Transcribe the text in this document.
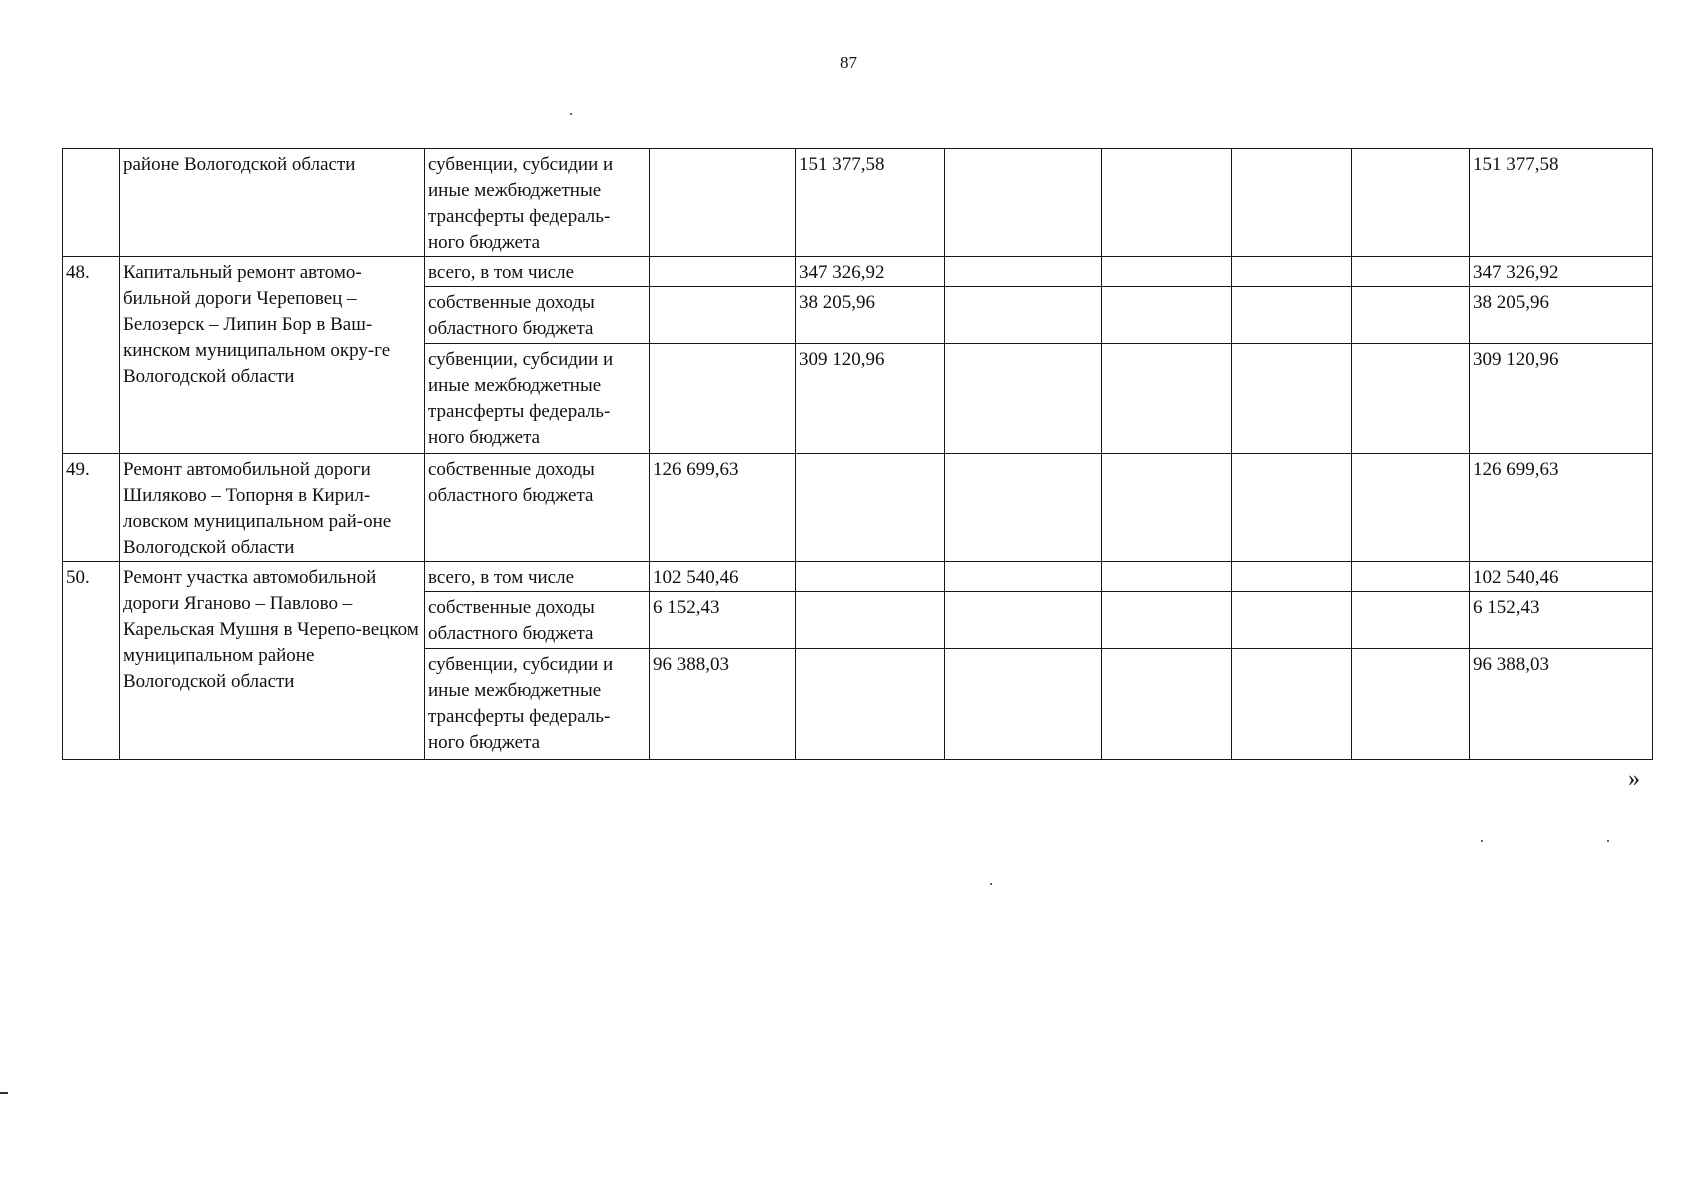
87
	районе Вологодской области	субвенции, субсидии и иные межбюджетные трансферты федераль-ного бюджета		151 377,58					151 377,58
48.	Капитальный ремонт автомо-бильной дороги Череповец – Белозерск – Липин Бор в Ваш-кинском муниципальном окру-ге Вологодской области	всего, в том числе		347 326,92					347 326,92
		собственные доходы областного бюджета		38 205,96					38 205,96
		субвенции, субсидии и иные межбюджетные трансферты федераль-ного бюджета		309 120,96					309 120,96
49.	Ремонт автомобильной дороги Шиляково – Топорня в Кирил-ловском муниципальном рай-оне Вологодской области	собственные доходы областного бюджета	126 699,63						126 699,63
50.	Ремонт участка автомобильной дороги Яганово – Павлово – Карельская Мушня в Черепо-вецком муниципальном районе Вологодской области	всего, в том числе	102 540,46						102 540,46
		собственные доходы областного бюджета	6 152,43						6 152,43
		субвенции, субсидии и иные межбюджетные трансферты федераль-ного бюджета	96 388,03						96 388,03
»
